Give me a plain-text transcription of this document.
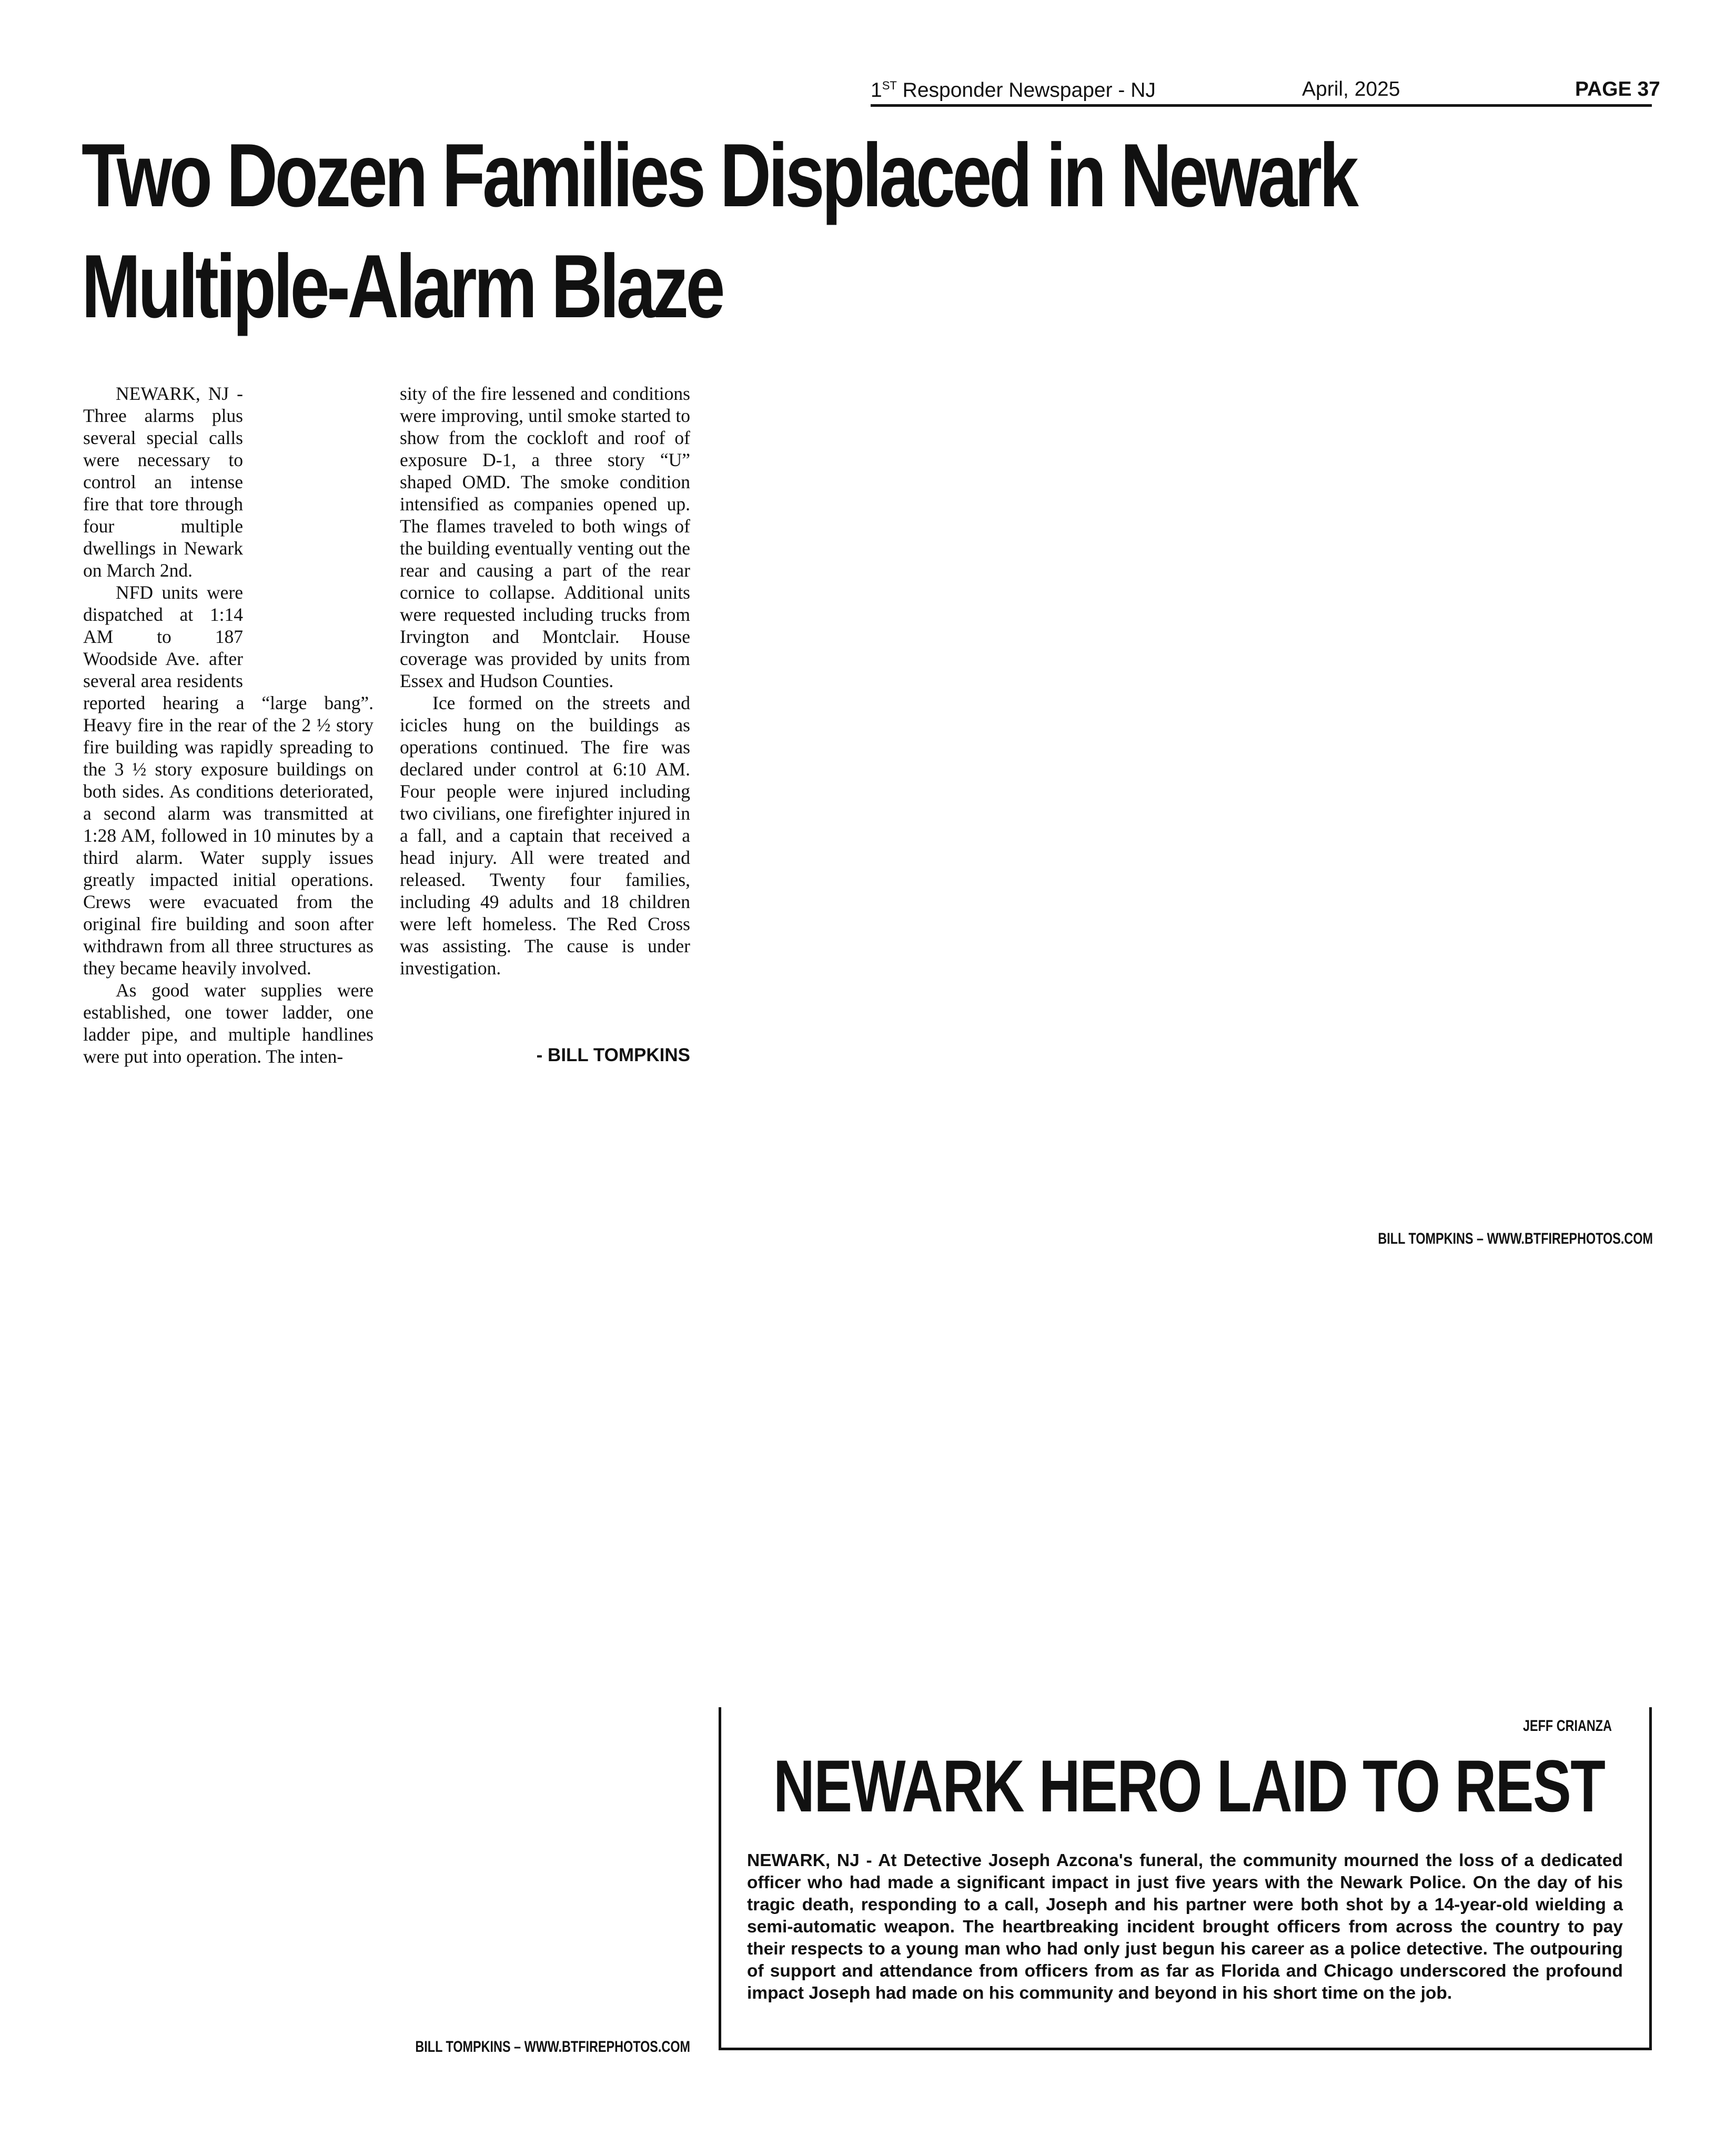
1ST Responder Newspaper - NJ	April, 2025	PAGE 37
Two Dozen Families Displaced in Newark
Multiple-Alarm Blaze

NEWARK, NJ - Three alarms plus several special calls were necessary to control an intense fire that tore through four multiple dwellings in Newark on March 2nd.

NFD units were dispatched at 1:14 AM to 187 Woodside Ave. after several area residents reported hearing a “large bang”. Heavy fire in the rear of the 2 ½ story fire building was rapidly spreading to the 3 ½ story exposure buildings on both sides. As conditions deteriorated, a second alarm was transmitted at 1:28 AM, followed in 10 minutes by a third alarm. Water supply issues greatly impacted initial operations. Crews were evacuated from the original fire building and soon after withdrawn from all three structures as they became heavily involved.

As good water supplies were established, one tower ladder, one ladder pipe, and multiple handlines were put into operation. The inten-

sity of the fire lessened and conditions were improving, until smoke started to show from the cockloft and roof of exposure D-1, a three story “U” shaped OMD. The smoke condition intensified as companies opened up. The flames traveled to both wings of the building eventually venting out the rear and causing a part of the rear cornice to collapse. Additional units were requested including trucks from Irvington and Montclair. House coverage was provided by units from Essex and Hudson Counties.

Ice formed on the streets and icicles hung on the buildings as operations continued. The fire was declared under control at 6:10 AM. Four people were injured including two civilians, one firefighter injured in a fall, and a captain that received a head injury. All were treated and released. Twenty four families, including 49 adults and 18 children were left homeless. The Red Cross was assisting. The cause is under investigation.

- BILL TOMPKINS
BILL TOMPKINS – WWW.BTFIREPHOTOS.COM
BILL TOMPKINS – WWW.BTFIREPHOTOS.COM
JEFF CRIANZA
NEWARK HERO LAID TO REST
NEWARK, NJ - At Detective Joseph Azcona's funeral, the community mourned the loss of a dedicated officer who had made a significant impact in just five years with the Newark Police. On the day of his tragic death, responding to a call, Joseph and his partner were both shot by a 14-year-old wielding a semi-automatic weapon. The heartbreaking incident brought officers from across the country to pay their respects to a young man who had only just begun his career as a police detective. The outpouring of support and attendance from officers from as far as Florida and Chicago underscored the profound impact Joseph had made on his community and beyond in his short time on the job.
